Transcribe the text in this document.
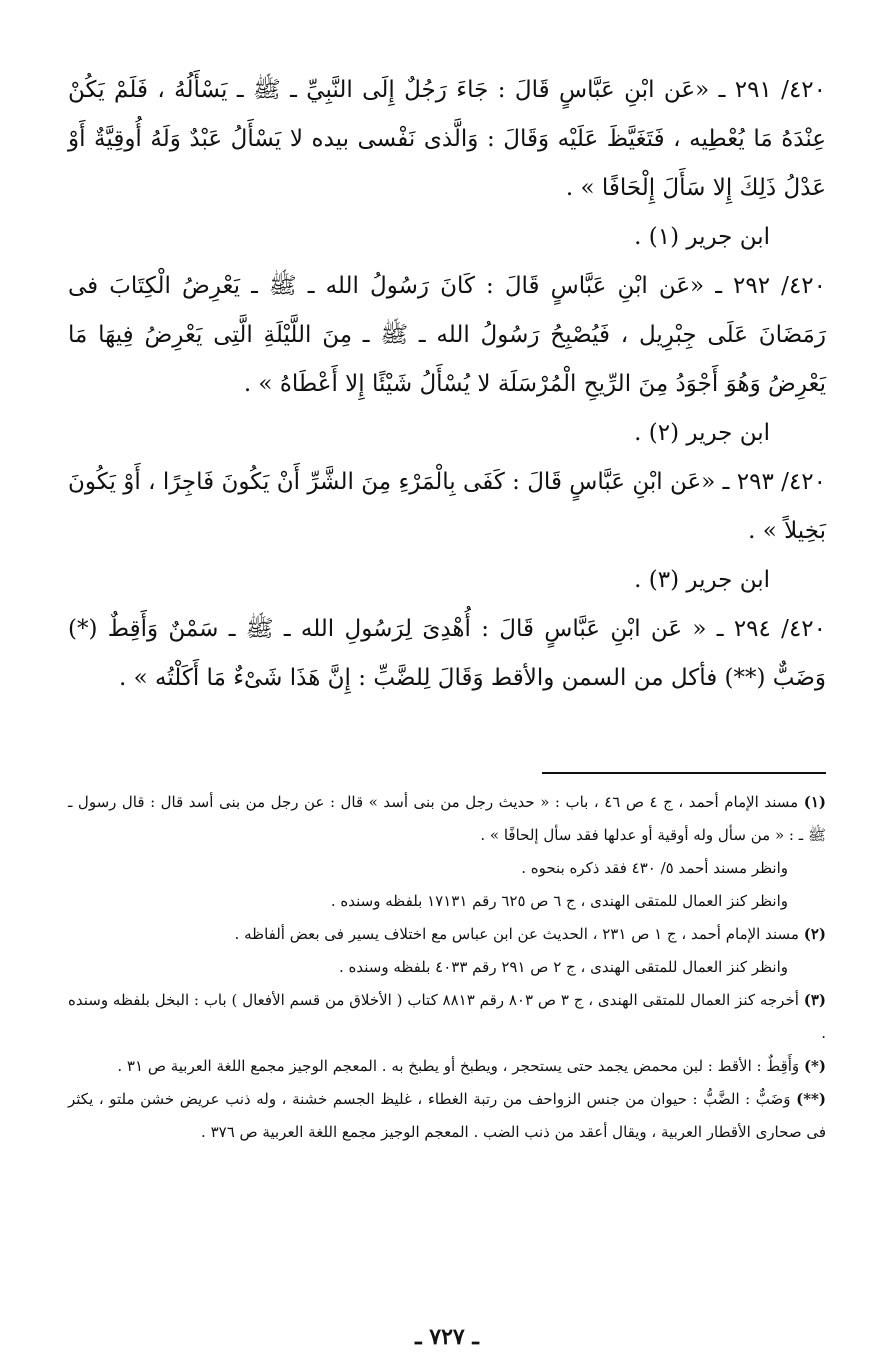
٤٢٠/ ٢٩١ ـ «عَن ابْنِ عَبَّاسٍ قَالَ : جَاءَ رَجُلٌ إِلَى النَّبِيِّ ـ ﷺ ـ يَسْأَلُهُ ، فَلَمْ يَكُنْ عِنْدَهُ مَا يُعْطِيه ، فَتَغَيَّظَ عَلَيْه وَقَالَ : وَالَّذى نَفْسى بيده لا يَسْأَلُ عَبْدٌ وَلَهُ أُوقِيَّةٌ أَوْ عَدْلُ ذَلِكَ إِلا سَأَلَ إِلْحَافًا » .

ابن جرير (١) .

٤٢٠/ ٢٩٢ ـ «عَن ابْنِ عَبَّاسٍ قَالَ : كَانَ رَسُولُ الله ـ ﷺ ـ يَعْرِضُ الْكِتَابَ فى رَمَضَانَ عَلَى جِبْرِيل ، فَيُصْبِحُ رَسُولُ الله ـ ﷺ ـ مِنَ اللَّيْلَةِ الَّتِى يَعْرِضُ فِيهَا مَا يَعْرِضُ وَهُوَ أَجْوَدُ مِنَ الرِّيحِ الْمُرْسَلَة لا يُسْأَلُ شَيْئًا إِلا أَعْطَاهُ » .

ابن جرير (٢) .

٤٢٠/ ٢٩٣ ـ «عَن ابْنِ عَبَّاسٍ قَالَ : كَفَى بِالْمَرْءِ مِنَ الشَّرِّ أَنْ يَكُونَ فَاجِرًا ، أَوْ يَكُونَ بَخِيلاً » .

ابن جرير (٣) .

٤٢٠/ ٢٩٤ ـ « عَن ابْنِ عَبَّاسٍ قَالَ : أُهْدِىَ لِرَسُولِ الله ـ ﷺ ـ سَمْنٌ وَأَقِطٌ (*) وَضَبٌّ (**) فأكل من السمن والأقط وَقَالَ لِلضَّبِّ : إِنَّ هَذَا شَىْءٌ مَا أَكَلْتُه » .

(١) مسند الإمام أحمد ، ج ٤ ص ٤٦ ، باب : « حديث رجل من بنى أسد » قال : عن رجل من بنى أسد قال : قال رسول ـ ﷺ ـ : « من سأل وله أوقية أو عدلها فقد سأل إلحافًا » .

وانظر مسند أحمد ٥/ ٤٣٠ فقد ذكره بنحوه .

وانظر كنز العمال للمتقى الهندى ، ج ٦ ص ٦٢٥ رقم ١٧١٣١ بلفظه وسنده .

(٢) مسند الإمام أحمد ، ج ١ ص ٢٣١ ، الحديث عن ابن عباس مع اختلاف يسير فى بعض ألفاظه .

وانظر كنز العمال للمتقى الهندى ، ج ٢ ص ٢٩١ رقم ٤٠٣٣ بلفظه وسنده .

(٣) أخرجه كنز العمال للمتقى الهندى ، ج ٣ ص ٨٠٣ رقم ٨٨١٣ كتاب ( الأخلاق من قسم الأفعال ) باب : البخل بلفظه وسنده .

(*) وَأَقِطٌ : الأقط : لبن محمض يجمد حتى يستحجر ، ويطبخ أو يطبخ به . المعجم الوجيز مجمع اللغة العربية ص ٣١ .

(**) وَضَبٌّ : الضَّبُّ : حيوان من جنس الزواحف من رتبة الغطاء ، غليظ الجسم خشنة ، وله ذنب عريض خشن ملتو ، يكثر فى صحارى الأقطار العربية ، ويقال أعقد من ذنب الضب . المعجم الوجيز مجمع اللغة العربية ص ٣٧٦ .

ـ ٧٢٧ ـ
